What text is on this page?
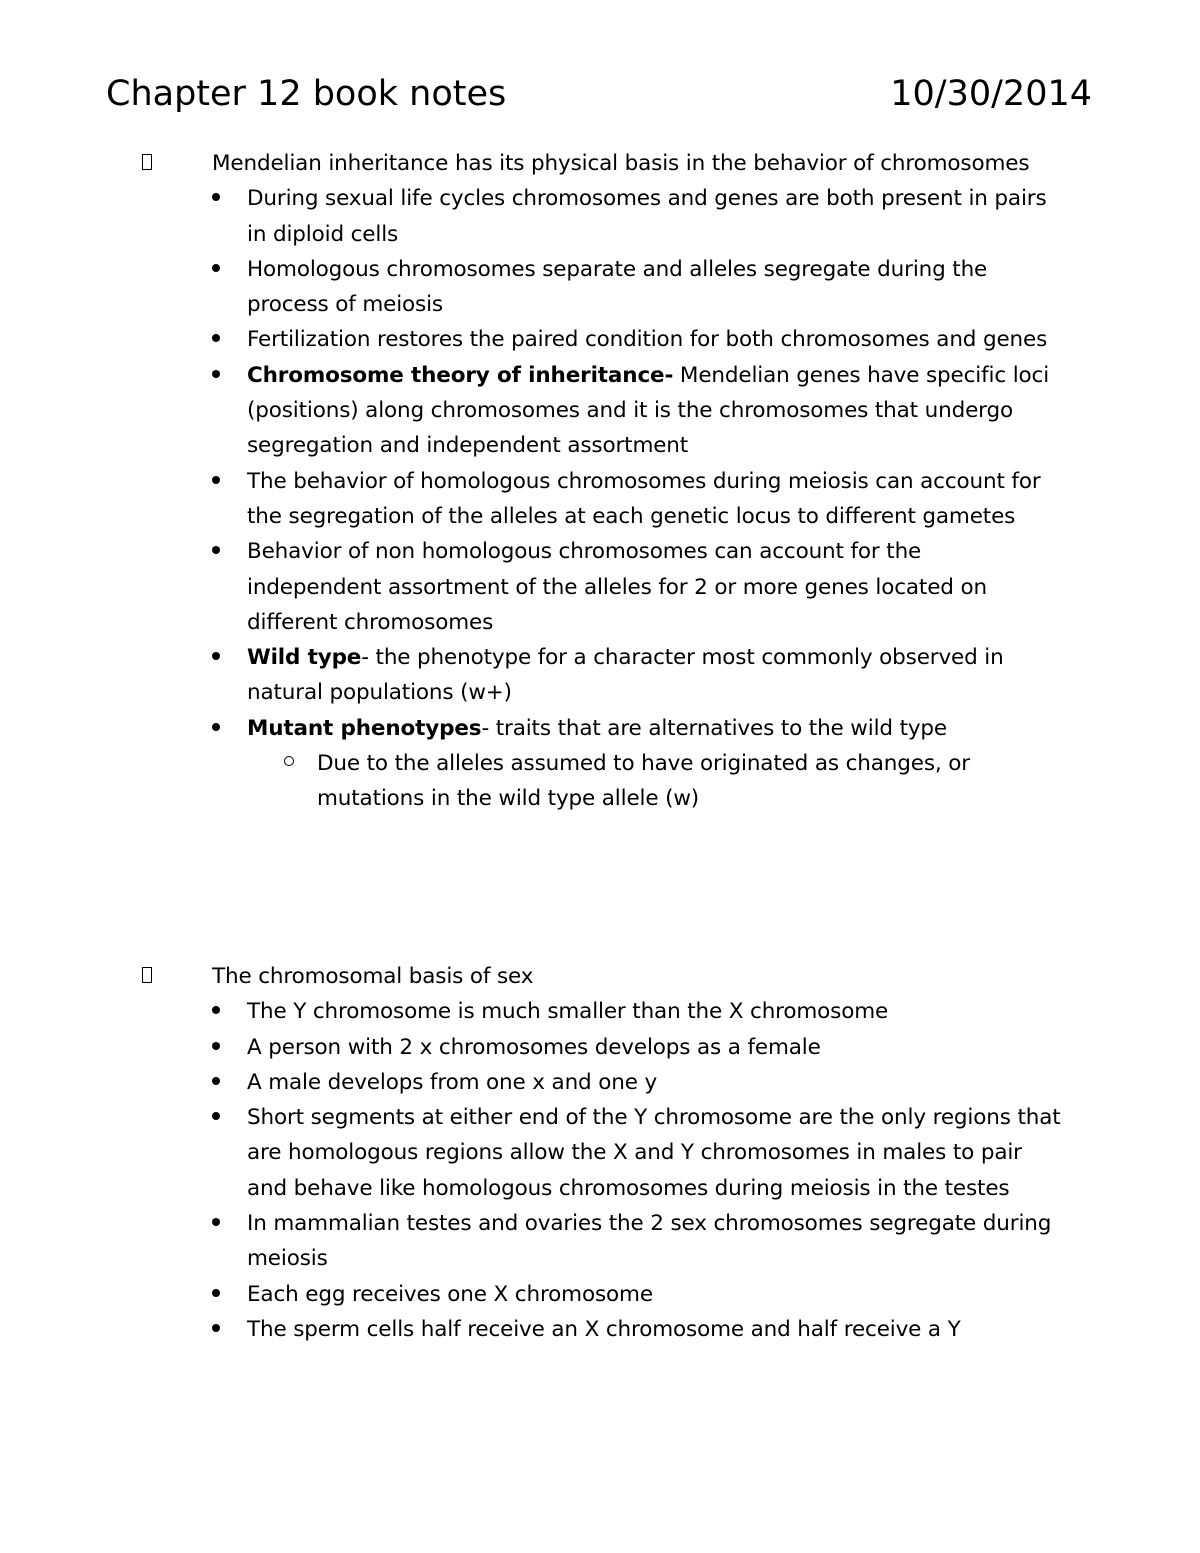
Chapter 12 book notes	10/30/2014
Mendelian inheritance has its physical basis in the behavior of chromosomes
During sexual life cycles chromosomes and genes are both present in pairs in diploid cells
Homologous chromosomes separate and alleles segregate during the process of meiosis
Fertilization restores the paired condition for both chromosomes and genes
Chromosome theory of inheritance- Mendelian genes have specific loci (positions) along chromosomes and it is the chromosomes that undergo segregation and independent assortment
The behavior of homologous chromosomes during meiosis can account for the segregation of the alleles at each genetic locus to different gametes
Behavior of non homologous chromosomes can account for the independent assortment of the alleles for 2 or more genes located on different chromosomes
Wild type- the phenotype for a character most commonly observed in natural populations (w+)
Mutant phenotypes- traits that are alternatives to the wild type
Due to the alleles assumed to have originated as changes, or mutations in the wild type allele (w)
The chromosomal basis of sex
The Y chromosome is much smaller than the X chromosome
A person with 2 x chromosomes develops as a female
A male develops from one x and one y
Short segments at either end of the Y chromosome are the only regions that are homologous regions allow the X and Y chromosomes in males to pair and behave like homologous chromosomes during meiosis in the testes
In mammalian testes and ovaries the 2 sex chromosomes segregate during meiosis
Each egg receives one X chromosome
The sperm cells half receive an X chromosome and half receive a Y
